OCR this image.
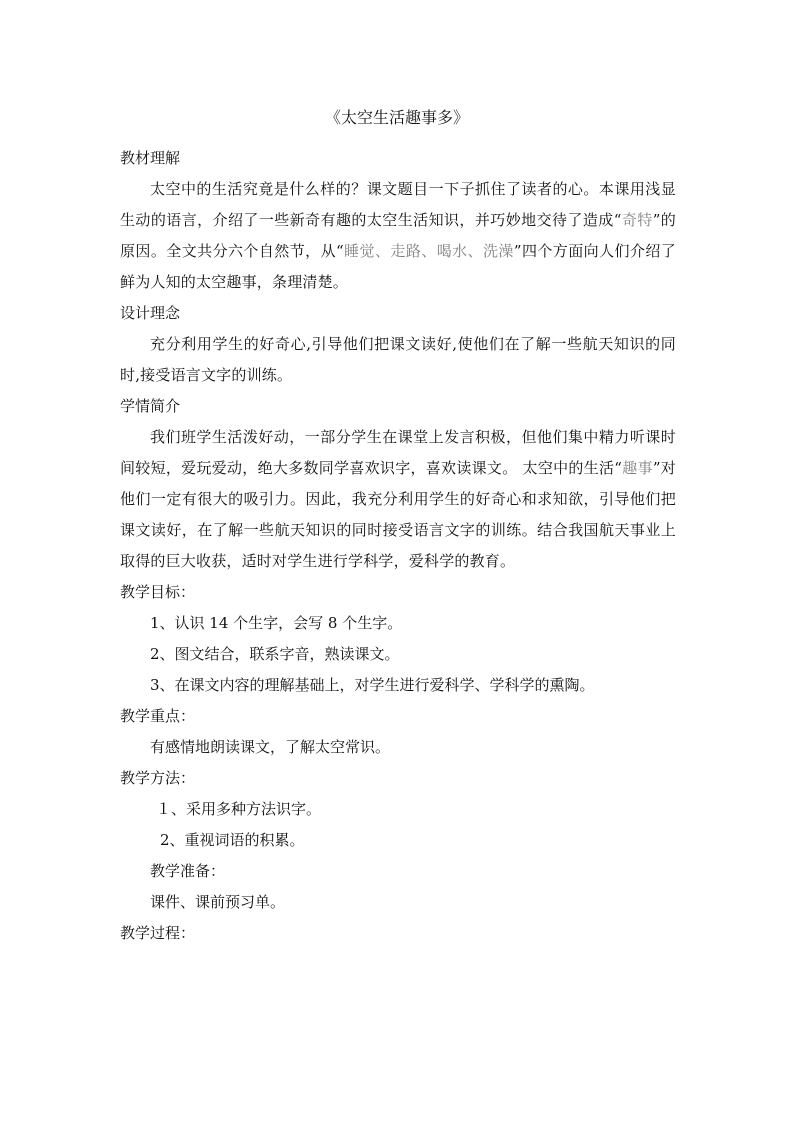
《太空生活趣事多》

教材理解

太空中的生活究竟是什么样的？课文题目一下子抓住了读者的心。本课用浅显生动的语言，介绍了一些新奇有趣的太空生活知识，并巧妙地交待了造成“奇特”的原因。全文共分六个自然节，从“睡觉、走路、喝水、洗澡”四个方面向人们介绍了鲜为人知的太空趣事，条理清楚。

设计理念

充分利用学生的好奇心,引导他们把课文读好,使他们在了解一些航天知识的同时,接受语言文字的训练。

学情简介

我们班学生活泼好动，一部分学生在课堂上发言积极，但他们集中精力听课时间较短，爱玩爱动，绝大多数同学喜欢识字，喜欢读课文。 太空中的生活“趣事”对他们一定有很大的吸引力。因此，我充分利用学生的好奇心和求知欲，引导他们把课文读好，在了解一些航天知识的同时接受语言文字的训练。结合我国航天事业上取得的巨大收获，适时对学生进行学科学，爱科学的教育。

教学目标：

1、认识 14 个生字，会写 8 个生字。

2、图文结合，联系字音，熟读课文。

3、在课文内容的理解基础上，对学生进行爱科学、学科学的熏陶。

教学重点：

有感情地朗读课文，了解太空常识。

教学方法：

１、采用多种方法识字。

2、重视词语的积累。

教学准备：

课件、课前预习单。

教学过程：
